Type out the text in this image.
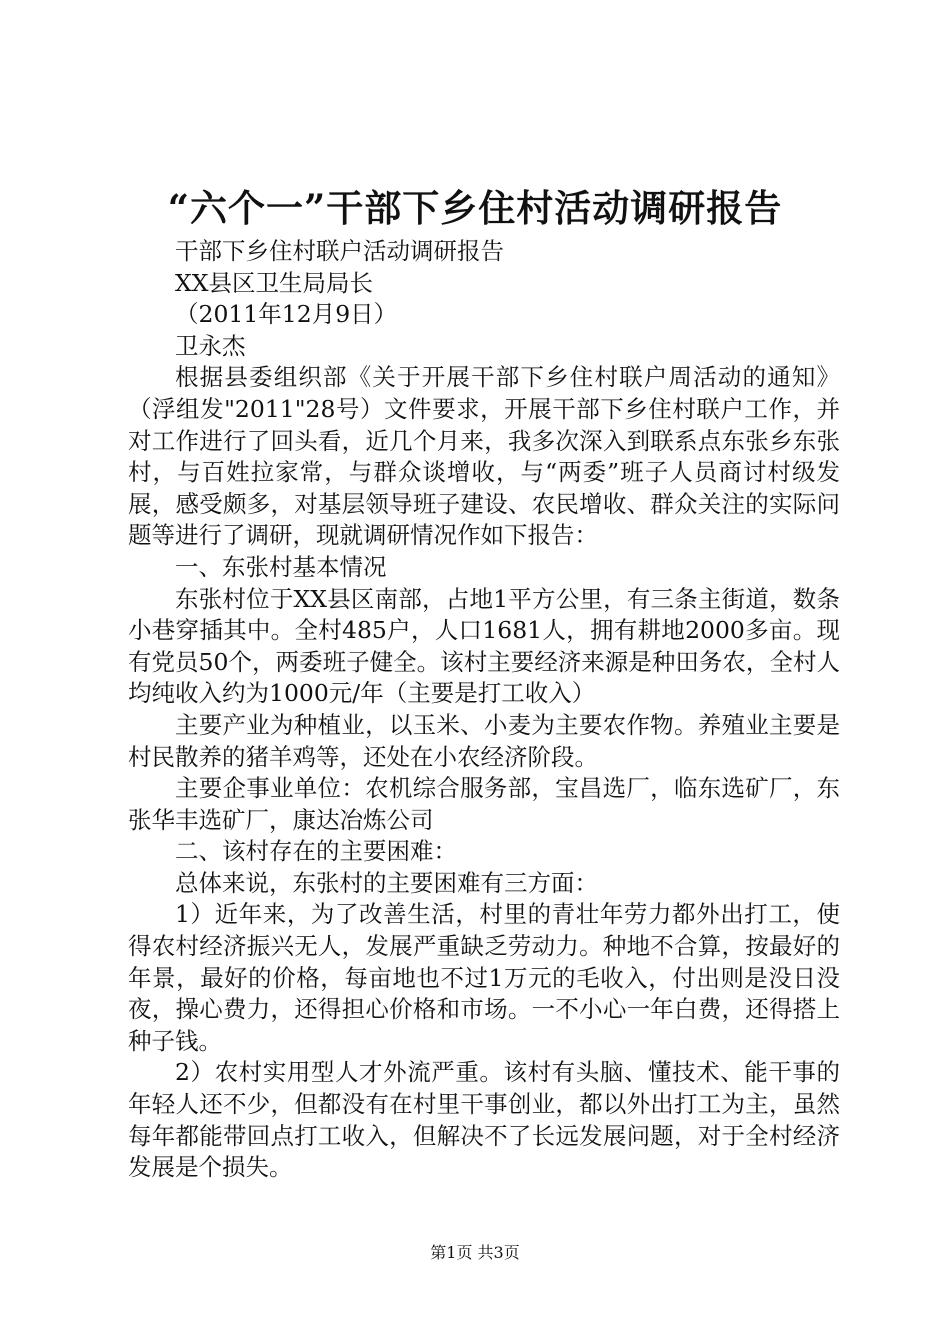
“六个一”干部下乡住村活动调研报告

干部下乡住村联户活动调研报告

XX县区卫生局局长

（2011年12月9日）

卫永杰

根据县委组织部《关于开展干部下乡住村联户周活动的通知》（浮组发"2011"28号）文件要求，开展干部下乡住村联户工作，并对工作进行了回头看，近几个月来，我多次深入到联系点东张乡东张村，与百姓拉家常，与群众谈增收，与“两委”班子人员商讨村级发展，感受颇多，对基层领导班子建设、农民增收、群众关注的实际问题等进行了调研，现就调研情况作如下报告：

一、东张村基本情况

东张村位于XX县区南部，占地1平方公里，有三条主街道，数条小巷穿插其中。全村485户，人口1681人，拥有耕地2000多亩。现有党员50个，两委班子健全。该村主要经济来源是种田务农，全村人均纯收入约为1000元/年（主要是打工收入）

主要产业为种植业，以玉米、小麦为主要农作物。养殖业主要是村民散养的猪羊鸡等，还处在小农经济阶段。

主要企事业单位：农机综合服务部，宝昌选厂，临东选矿厂，东张华丰选矿厂，康达冶炼公司

二、该村存在的主要困难：

总体来说，东张村的主要困难有三方面：

1）近年来，为了改善生活，村里的青壮年劳力都外出打工，使得农村经济振兴无人，发展严重缺乏劳动力。种地不合算，按最好的年景，最好的价格，每亩地也不过1万元的毛收入，付出则是没日没夜，操心费力，还得担心价格和市场。一不小心一年白费，还得搭上种子钱。

2）农村实用型人才外流严重。该村有头脑、懂技术、能干事的年轻人还不少，但都没有在村里干事创业，都以外出打工为主，虽然每年都能带回点打工收入，但解决不了长远发展问题，对于全村经济发展是个损失。

第1页 共3页
